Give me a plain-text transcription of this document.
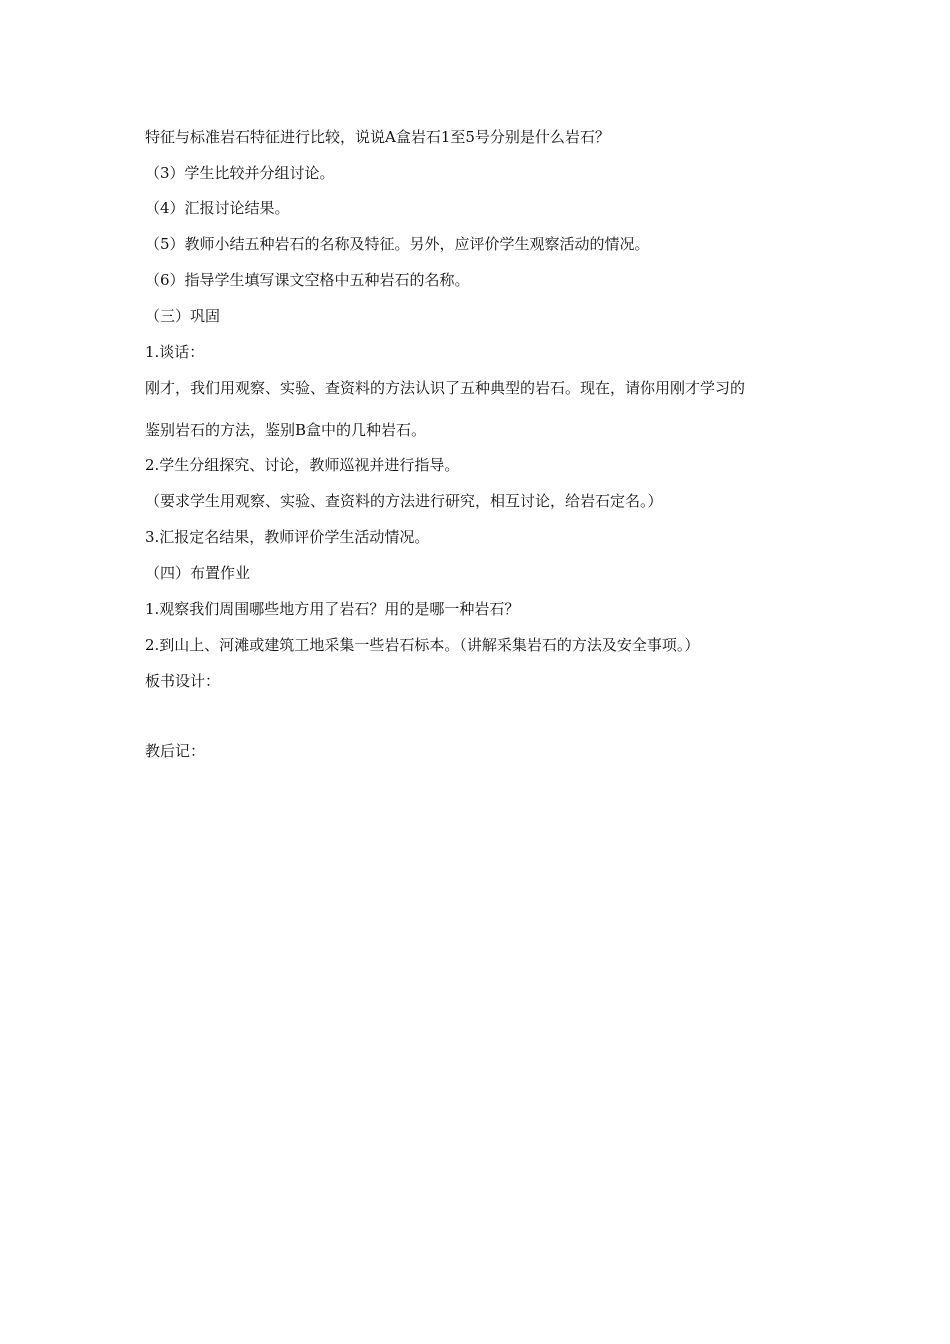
特征与标准岩石特征进行比较，说说A盒岩石1至5号分别是什么岩石？
（3）学生比较并分组讨论。
（4）汇报讨论结果。
（5）教师小结五种岩石的名称及特征。另外，应评价学生观察活动的情况。
（6）指导学生填写课文空格中五种岩石的名称。
（三）巩固
1.谈话：
刚才，我们用观察、实验、查资料的方法认识了五种典型的岩石。现在，请你用刚才学习的
鉴别岩石的方法，鉴别B盒中的几种岩石。
2.学生分组探究、讨论，教师巡视并进行指导。
（要求学生用观察、实验、查资料的方法进行研究，相互讨论，给岩石定名。）
3.汇报定名结果，教师评价学生活动情况。
（四）布置作业
1.观察我们周围哪些地方用了岩石？用的是哪一种岩石？
2.到山上、河滩或建筑工地采集一些岩石标本。（讲解采集岩石的方法及安全事项。）
板书设计：
教后记：
